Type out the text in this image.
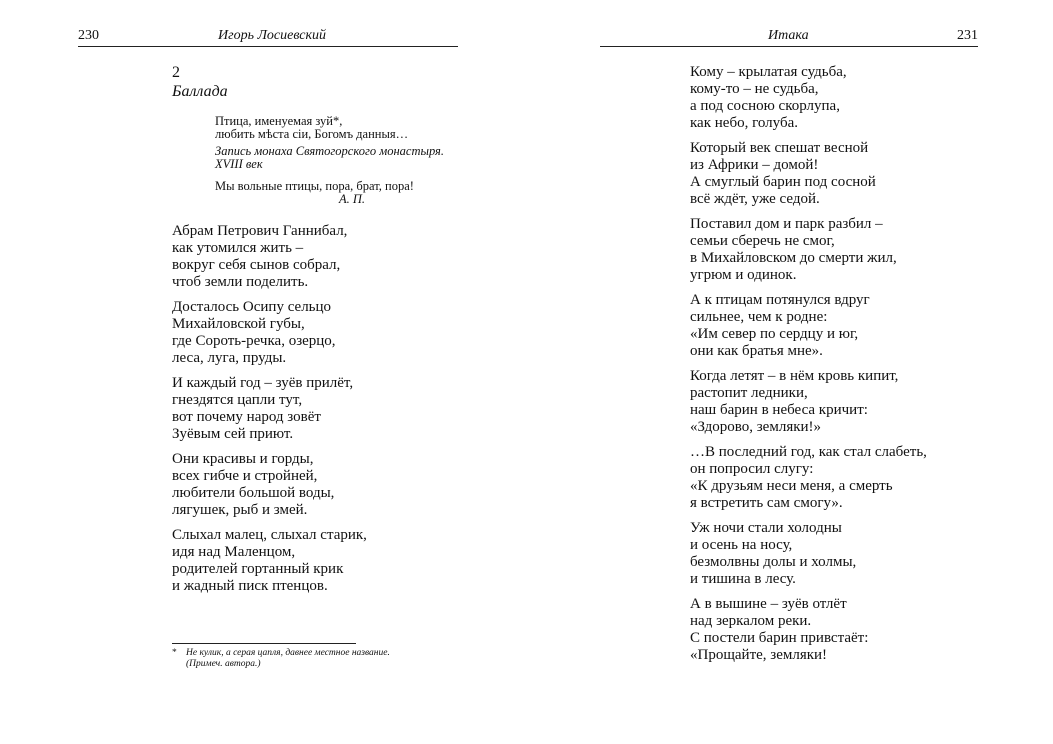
230	Игорь Лосиевский
2
Баллада
Птица, именуемая зуй*,
любить мѣста сiи, Богомъ данныя…
Запись монаха Святогорского монастыря.
XVIII век
Мы вольные птицы, пора, брат, пора!
А. П.
Абрам Петрович Ганнибал,
как утомился жить –
вокруг себя сынов собрал,
чтоб земли поделить.
Досталось Осипу сельцо
Михайловской губы,
где Сороть-речка, озерцо,
леса, луга, пруды.
И каждый год – зуёв прилёт,
гнездятся цапли тут,
вот почему народ зовёт
Зуёвым сей приют.
Они красивы и горды,
всех гибче и стройней,
любители большой воды,
лягушек, рыб и змей.
Слыхал малец, слыхал старик,
идя над Маленцом,
родителей гортанный крик
и жадный писк птенцов.
* Не кулик, а серая цапля, давнее местное название.
(Примеч. автора.)
Итака	231
Кому – крылатая судьба,
кому-то – не судьба,
а под сосною скорлупа,
как небо, голуба.
Который век спешат весной
из Африки – домой!
А смуглый барин под сосной
всё ждёт, уже седой.
Поставил дом и парк разбил –
семьи сберечь не смог,
в Михайловском до смерти жил,
угрюм и одинок.
А к птицам потянулся вдруг
сильнее, чем к родне:
«Им север по сердцу и юг,
они как братья мне».
Когда летят – в нём кровь кипит,
растопит ледники,
наш барин в небеса кричит:
«Здорово, земляки!»
…В последний год, как стал слабеть,
он попросил слугу:
«К друзьям неси меня, а смерть
я встретить сам смогу».
Уж ночи стали холодны
и осень на носу,
безмолвны долы и холмы,
и тишина в лесу.
А в вышине – зуёв отлёт
над зеркалом реки.
С постели барин привстаёт:
«Прощайте, земляки!
